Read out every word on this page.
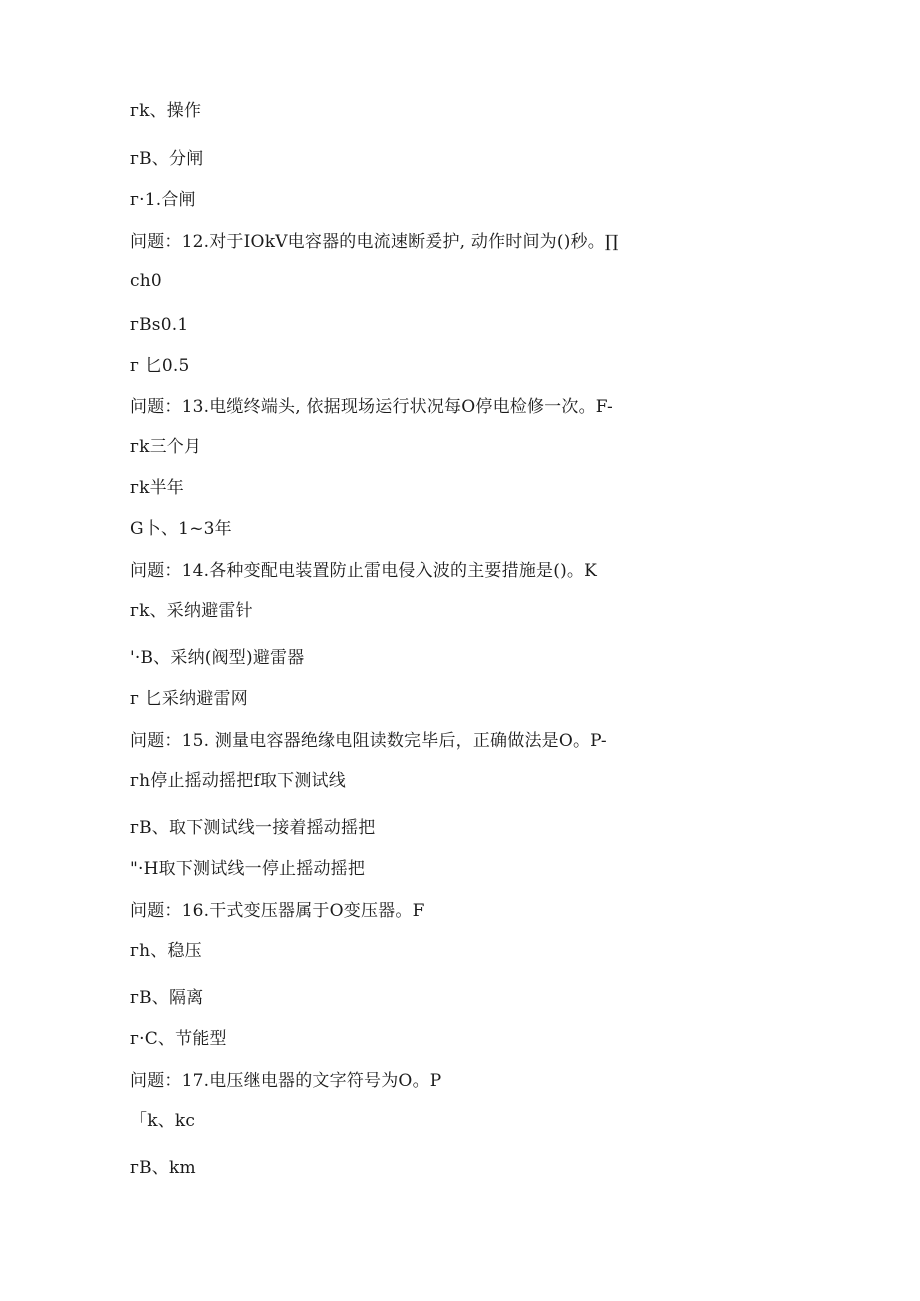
ᴦk、操作
ᴦB、分闸
ᴦ·1.合闸
问题：12.对于IOkV电容器的电流速断爰护, 动作时间为()秒。∏
ch0
ᴦBs0.1
ᴦ 匕0.5
问题：13.电缆终端头, 依据现场运行状况每O停电检修一次。F-
ᴦk三个月
ᴦk半年
G卜、1~3年
问题：14.各种变配电装置防止雷电侵入波的主要措施是()。K
ᴦk、采纳避雷针
'·B、采纳(阀型)避雷器
ᴦ 匕采纳避雷网
问题：15. 测量电容器绝缘电阻读数完毕后，正确做法是O。P-
ᴦh停止摇动摇把f取下测试线
ᴦB、取下测试线一接着摇动摇把
"·H取下测试线一停止摇动摇把
问题：16.干式变压器属于O变压器。F
ᴦh、稳压
ᴦB、隔离
ᴦ·C、节能型
问题：17.电压继电器的文字符号为O。P
「k、kc
ᴦB、km
